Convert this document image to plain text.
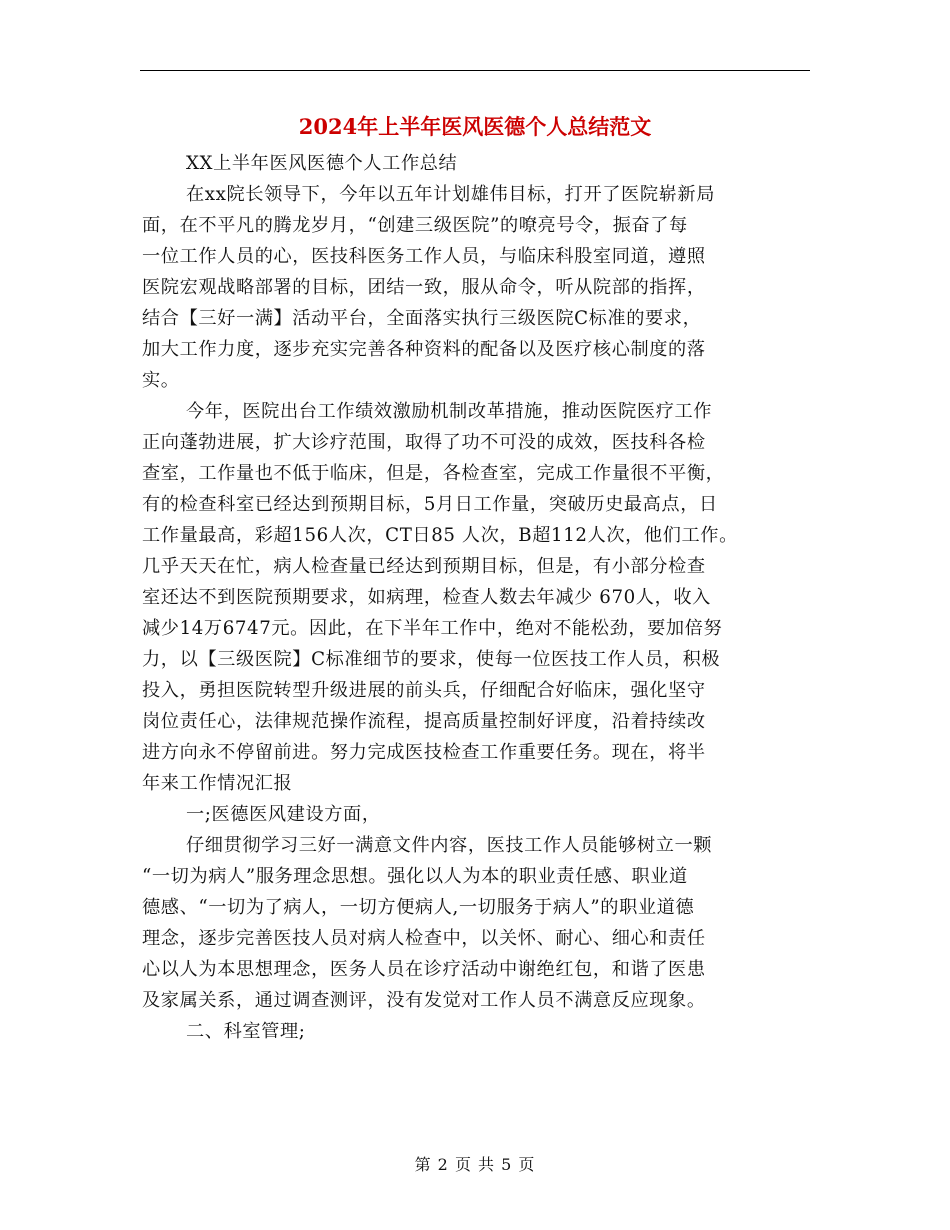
2024年上半年医风医德个人总结范文

XX上半年医风医德个人工作总结

在xx院长领导下，今年以五年计划雄伟目标，打开了医院崭新局
面，在不平凡的腾龙岁月，“创建三级医院”的嘹亮号令，振奋了每
一位工作人员的心，医技科医务工作人员，与临床科股室同道，遵照
医院宏观战略部署的目标，团结一致，服从命令，听从院部的指挥，
结合【三好一满】活动平台，全面落实执行三级医院C标准的要求，
加大工作力度，逐步充实完善各种资料的配备以及医疗核心制度的落
实。

今年，医院出台工作绩效激励机制改革措施，推动医院医疗工作
正向蓬勃进展，扩大诊疗范围，取得了功不可没的成效，医技科各检
查室，工作量也不低于临床，但是，各检查室，完成工作量很不平衡，
有的检查科室已经达到预期目标，5月日工作量，突破历史最高点，日
工作量最高，彩超156人次，CT日85 人次，B超112人次，他们工作。
几乎天天在忙，病人检查量已经达到预期目标，但是，有小部分检查
室还达不到医院预期要求，如病理，检查人数去年减少 670人，收入
减少14万6747元。因此，在下半年工作中，绝对不能松劲，要加倍努
力，以【三级医院】C标准细节的要求，使每一位医技工作人员，积极
投入，勇担医院转型升级进展的前头兵，仔细配合好临床，强化坚守
岗位责任心，法律规范操作流程，提高质量控制好评度，沿着持续改
进方向永不停留前进。努力完成医技检查工作重要任务。现在，将半
年来工作情况汇报

一;医德医风建设方面，

仔细贯彻学习三好一满意文件内容，医技工作人员能够树立一颗
“一切为病人”服务理念思想。强化以人为本的职业责任感、职业道
德感、“一切为了病人，一切方便病人,一切服务于病人”的职业道德
理念，逐步完善医技人员对病人检查中，以关怀、耐心、细心和责任
心以人为本思想理念，医务人员在诊疗活动中谢绝红包，和谐了医患
及家属关系，通过调查测评，没有发觉对工作人员不满意反应现象。

二、科室管理;

第 2 页 共 5 页
